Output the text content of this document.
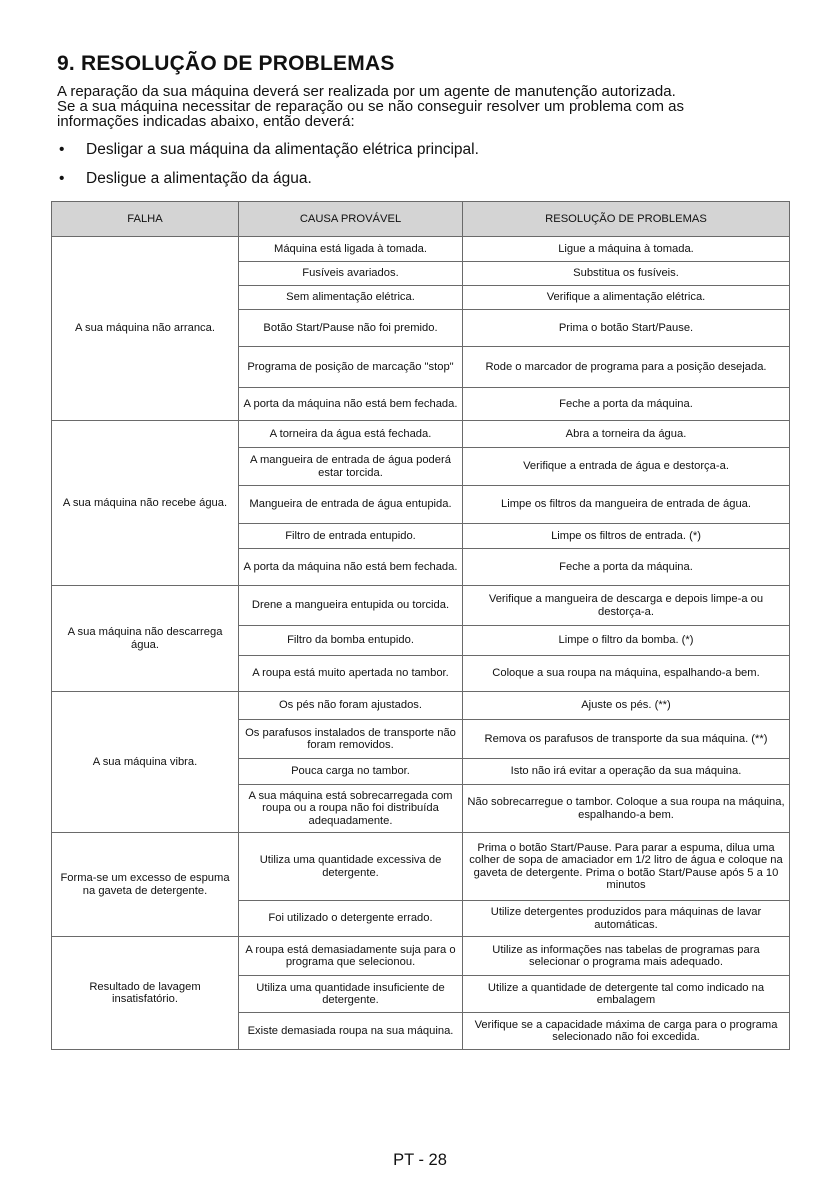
9. RESOLUÇÃO DE PROBLEMAS

A reparação da sua máquina deverá ser realizada por um agente de manutenção autorizada.

Se a sua máquina necessitar de reparação ou se não conseguir resolver um problema com as

informações indicadas abaixo, então deverá:

• Desligar a sua máquina da alimentação elétrica principal.
• Desligue a alimentação da água.
FALHA	CAUSA PROVÁVEL	RESOLUÇÃO DE PROBLEMAS
A sua máquina não arranca.	Máquina está ligada à tomada.	Ligue a máquina à tomada.
	Fusíveis avariados.	Substitua os fusíveis.
	Sem alimentação elétrica.	Verifique a alimentação elétrica.
	Botão Start/Pause não foi premido.	Prima o botão Start/Pause.
	Programa de posição de marcação "stop"	Rode o marcador de programa para a posição desejada.
	A porta da máquina não está bem fechada.	Feche a porta da máquina.
A sua máquina não recebe água.	A torneira da água está fechada.	Abra a torneira da água.
	A mangueira de entrada de água poderá estar torcida.	Verifique a entrada de água e destorça-a.
	Mangueira de entrada de água entupida.	Limpe os filtros da mangueira de entrada de água.
	Filtro de entrada entupido.	Limpe os filtros de entrada. (*)
	A porta da máquina não está bem fechada.	Feche a porta da máquina.
A sua máquina não descarrega água.	Drene a mangueira entupida ou torcida.	Verifique a mangueira de descarga e depois limpe-a ou destorça-a.
	Filtro da bomba entupido.	Limpe o filtro da bomba. (*)
	A roupa está muito apertada no tambor.	Coloque a sua roupa na máquina, espalhando-a bem.
A sua máquina vibra.	Os pés não foram ajustados.	Ajuste os pés. (**)
	Os parafusos instalados de transporte não foram removidos.	Remova os parafusos de transporte da sua máquina. (**)
	Pouca carga no tambor.	Isto não irá evitar a operação da sua máquina.
	A sua máquina está sobrecarregada com roupa ou a roupa não foi distribuída adequadamente.	Não sobrecarregue o tambor. Coloque a sua roupa na máquina, espalhando-a bem.
Forma-se um excesso de espuma na gaveta de detergente.	Utiliza uma quantidade excessiva de detergente.	Prima o botão Start/Pause. Para parar a espuma, dilua uma colher de sopa de amaciador em 1/2 litro de água e coloque na gaveta de detergente. Prima o botão Start/Pause após 5 a 10 minutos
	Foi utilizado o detergente errado.	Utilize detergentes produzidos para máquinas de lavar automáticas.
Resultado de lavagem insatisfatório.	A roupa está demasiadamente suja para o programa que selecionou.	Utilize as informações nas tabelas de programas para selecionar o programa mais adequado.
	Utiliza uma quantidade insuficiente de detergente.	Utilize a quantidade de detergente tal como indicado na embalagem
	Existe demasiada roupa na sua máquina.	Verifique se a capacidade máxima de carga para o programa selecionado não foi excedida.
PT - 28
